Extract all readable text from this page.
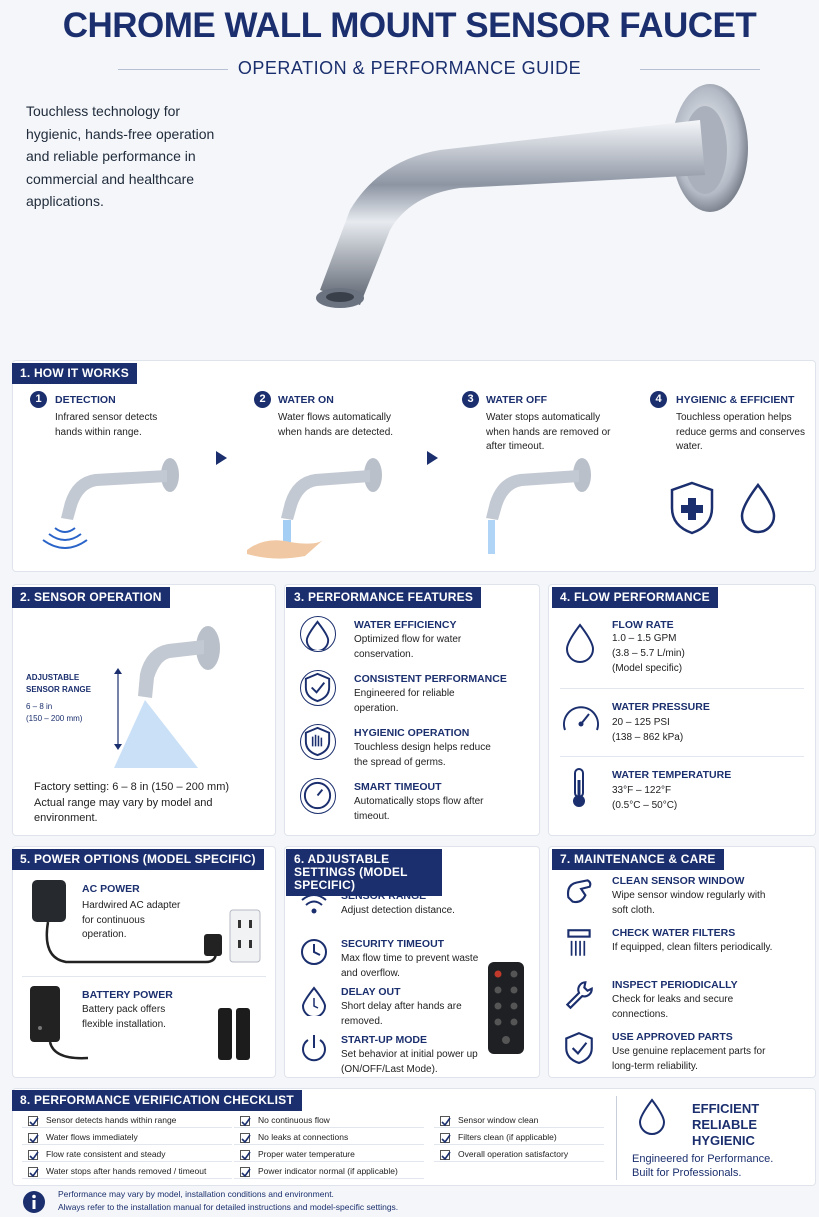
CHROME WALL MOUNT SENSOR FAUCET
OPERATION & PERFORMANCE GUIDE
Touchless technology for hygienic, hands-free operation and reliable performance in commercial and healthcare applications.
1. HOW IT WORKS
1	DETECTION
Infrared sensor detects hands within range.
2	WATER ON
Water flows automatically when hands are detected.
3	WATER OFF
Water stops automatically when hands are removed or after timeout.
4	HYGIENIC & EFFICIENT
Touchless operation helps reduce germs and conserves water.
2. SENSOR OPERATION
ADJUSTABLE SENSOR RANGE
6 – 8 in
(150 – 200 mm)
Factory setting: 6 – 8 in (150 – 200 mm)
Actual range may vary by model and environment.
3. PERFORMANCE FEATURES	4. FLOW PERFORMANCE
FLOW RATE
1.0 – 1.5 GPM
(3.8 – 5.7 L/min)
(Model specific)
WATER PRESSURE
20 – 125 PSI
(138 – 862 kPa)
WATER TEMPERATURE
33°F – 122°F
(0.5°C – 50°C)
5. POWER OPTIONS (MODEL SPECIFIC)
AC POWER
Hardwired AC adapter for continuous operation.
BATTERY POWER
Battery pack offers flexible installation.
6. ADJUSTABLE SETTINGS (MODEL SPECIFIC)
7. MAINTENANCE & CARE
8. PERFORMANCE VERIFICATION CHECKLIST
EFFICIENT
RELIABLE
HYGIENIC
Engineered for Performance.
Built for Professionals.
Performance may vary by model, installation conditions and environment.
Always refer to the installation manual for detailed instructions and model-specific settings.
WATER EFFICIENCY
Optimized flow for water conservation.
CONSISTENT PERFORMANCE
Engineered for reliable operation.
HYGIENIC OPERATION
Touchless design helps reduce the spread of germs.
SMART TIMEOUT
Automatically stops flow after timeout.
SENSOR RANGE
Adjust detection distance.
SECURITY TIMEOUT
Max flow time to prevent waste and overflow.
DELAY OUT
Short delay after hands are removed.
START-UP MODE
Set behavior at initial power up (ON/OFF/Last Mode).
CLEAN SENSOR WINDOW
Wipe sensor window regularly with soft cloth.
CHECK WATER FILTERS
If equipped, clean filters periodically.
INSPECT PERIODICALLY
Check for leaks and secure connections.
USE APPROVED PARTS
Use genuine replacement parts for long-term reliability.
Sensor detects hands within range
Water flows immediately
Flow rate consistent and steady
Water stops after hands removed / timeout
No continuous flow
No leaks at connections
Proper water temperature
Power indicator normal (if applicable)
Sensor window clean
Filters clean (if applicable)
Overall operation satisfactory
